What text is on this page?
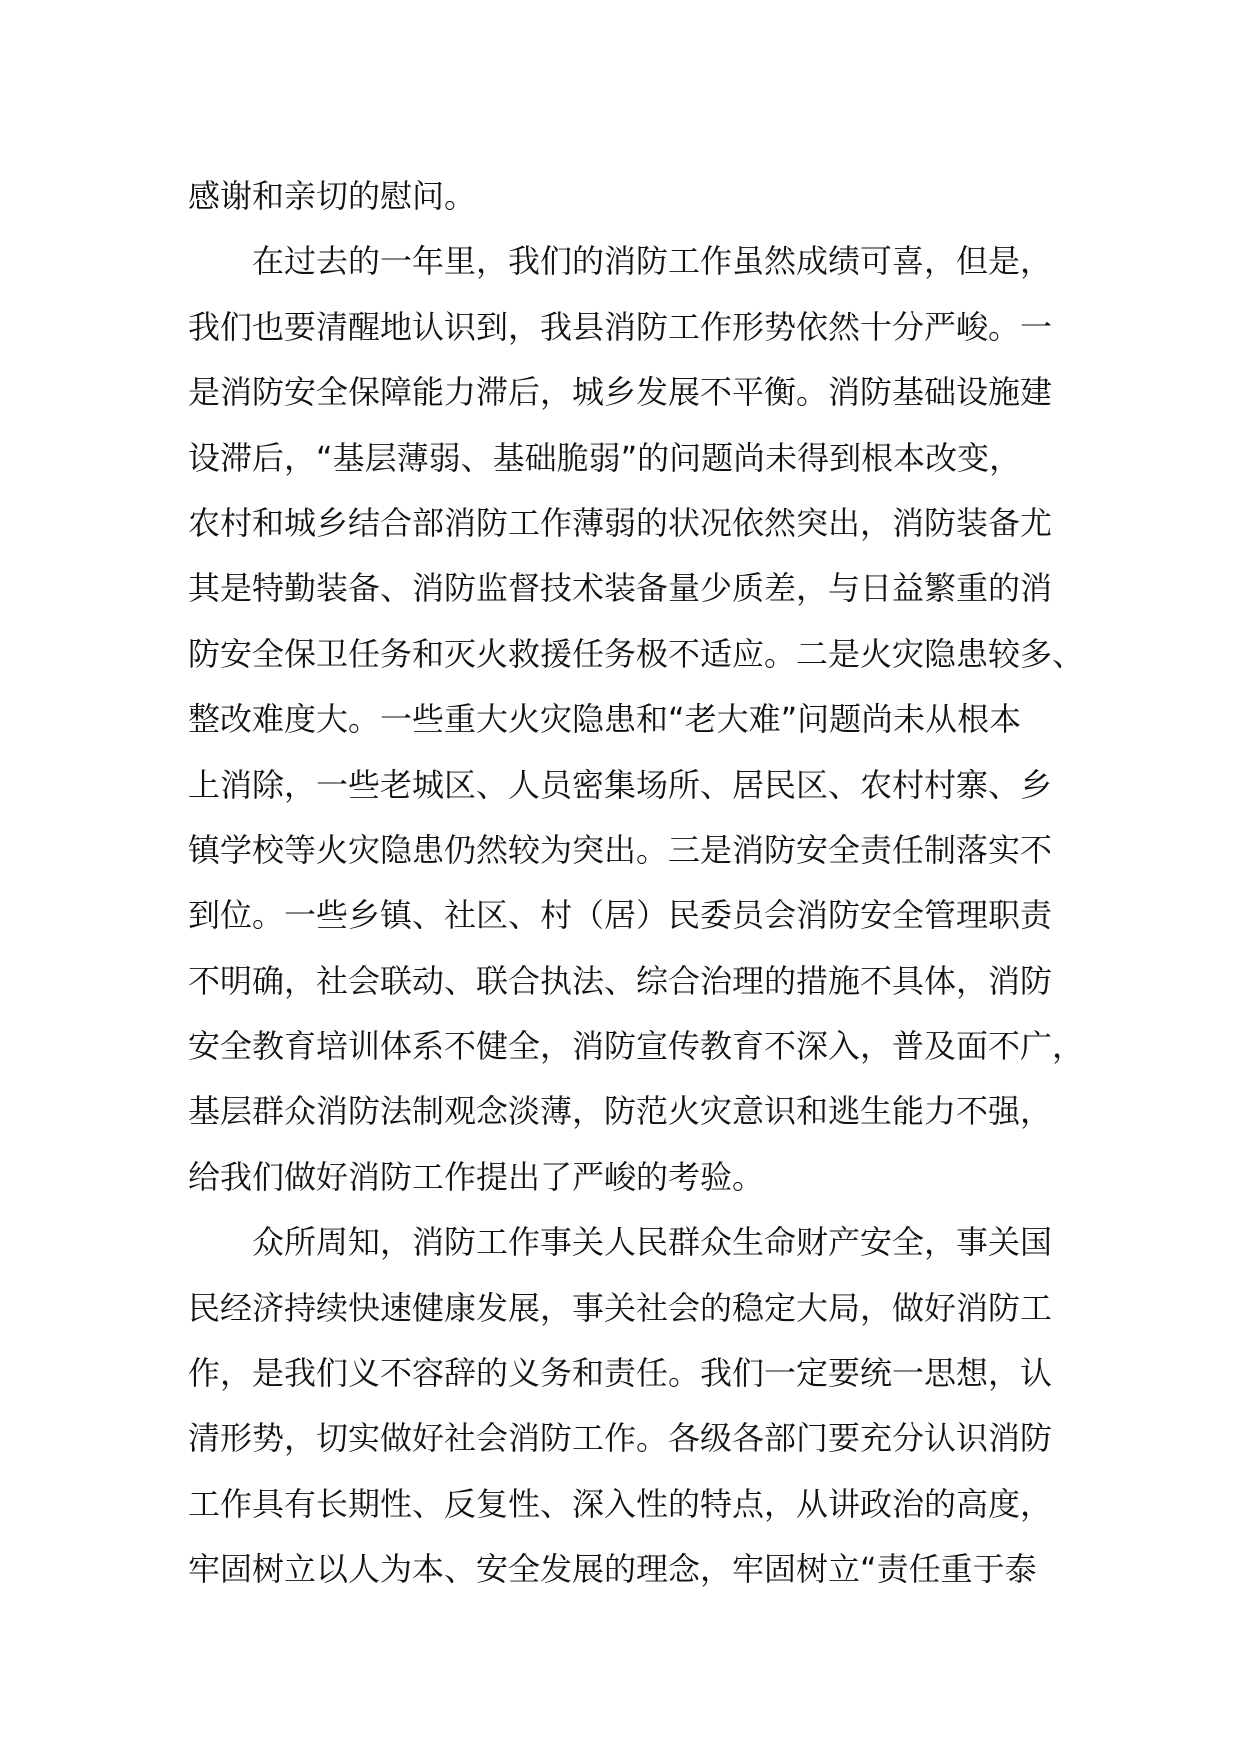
感谢和亲切的慰问。
在过去的一年里，我们的消防工作虽然成绩可喜，但是，
我们也要清醒地认识到，我县消防工作形势依然十分严峻。一
是消防安全保障能力滞后，城乡发展不平衡。消防基础设施建
设滞后，“基层薄弱、基础脆弱”的问题尚未得到根本改变，
农村和城乡结合部消防工作薄弱的状况依然突出，消防装备尤
其是特勤装备、消防监督技术装备量少质差，与日益繁重的消
防安全保卫任务和灭火救援任务极不适应。二是火灾隐患较多、
整改难度大。一些重大火灾隐患和“老大难”问题尚未从根本
上消除，一些老城区、人员密集场所、居民区、农村村寨、乡
镇学校等火灾隐患仍然较为突出。三是消防安全责任制落实不
到位。一些乡镇、社区、村（居）民委员会消防安全管理职责
不明确，社会联动、联合执法、综合治理的措施不具体，消防
安全教育培训体系不健全，消防宣传教育不深入，普及面不广，
基层群众消防法制观念淡薄，防范火灾意识和逃生能力不强，
给我们做好消防工作提出了严峻的考验。
众所周知，消防工作事关人民群众生命财产安全，事关国
民经济持续快速健康发展，事关社会的稳定大局，做好消防工
作，是我们义不容辞的义务和责任。我们一定要统一思想，认
清形势，切实做好社会消防工作。各级各部门要充分认识消防
工作具有长期性、反复性、深入性的特点，从讲政治的高度，
牢固树立以人为本、安全发展的理念，牢固树立“责任重于泰
